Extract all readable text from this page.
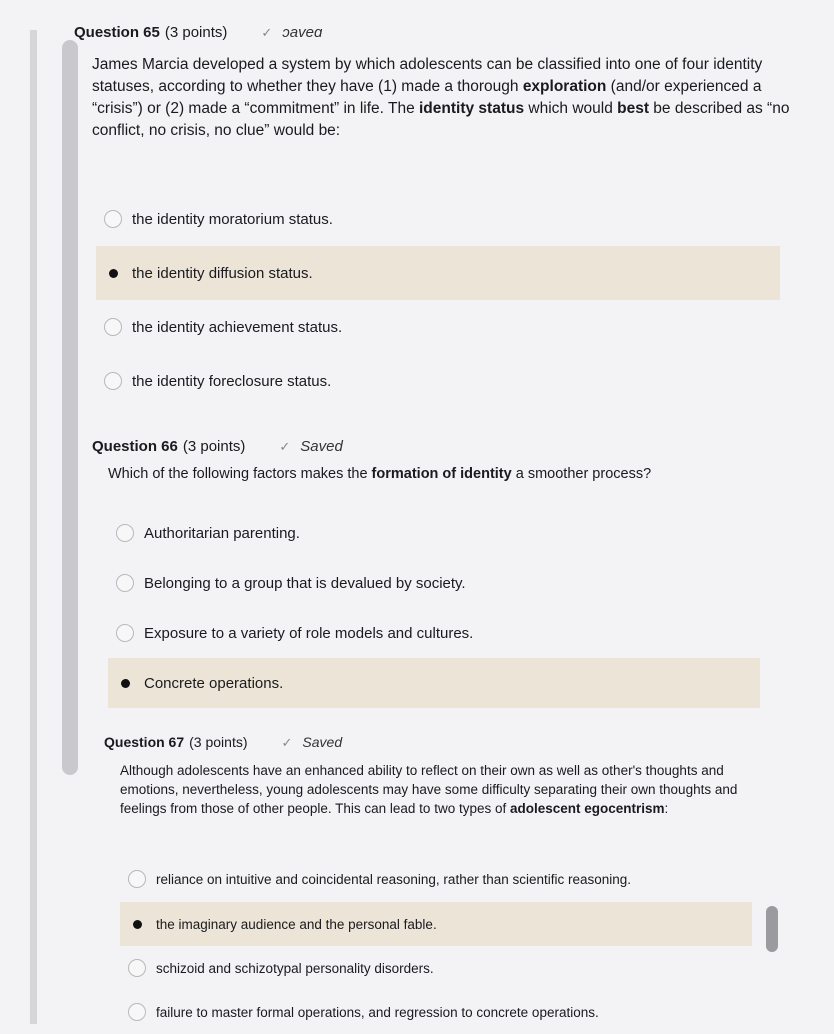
Question 65 (3 points)	✓ ɔaveɑ
James Marcia developed a system by which adolescents can be classified into one of four identity statuses, according to whether they have (1) made a thorough exploration (and/or experienced a “crisis”) or (2) made a “commitment” in life. The identity status which would best be described as “no conflict, no crisis, no clue” would be:
the identity moratorium status.
the identity diffusion status.
the identity achievement status.
the identity foreclosure status.
Question 66 (3 points)	✓ Saved
Which of the following factors makes the formation of identity a smoother process?
Authoritarian parenting.
Belonging to a group that is devalued by society.
Exposure to a variety of role models and cultures.
Concrete operations.
Question 67 (3 points)	✓ Saved
Although adolescents have an enhanced ability to reflect on their own as well as other's thoughts and emotions, nevertheless, young adolescents may have some difficulty separating their own thoughts and feelings from those of other people. This can lead to two types of adolescent egocentrism:
reliance on intuitive and coincidental reasoning, rather than scientific reasoning.
the imaginary audience and the personal fable.
schizoid and schizotypal personality disorders.
failure to master formal operations, and regression to concrete operations.
